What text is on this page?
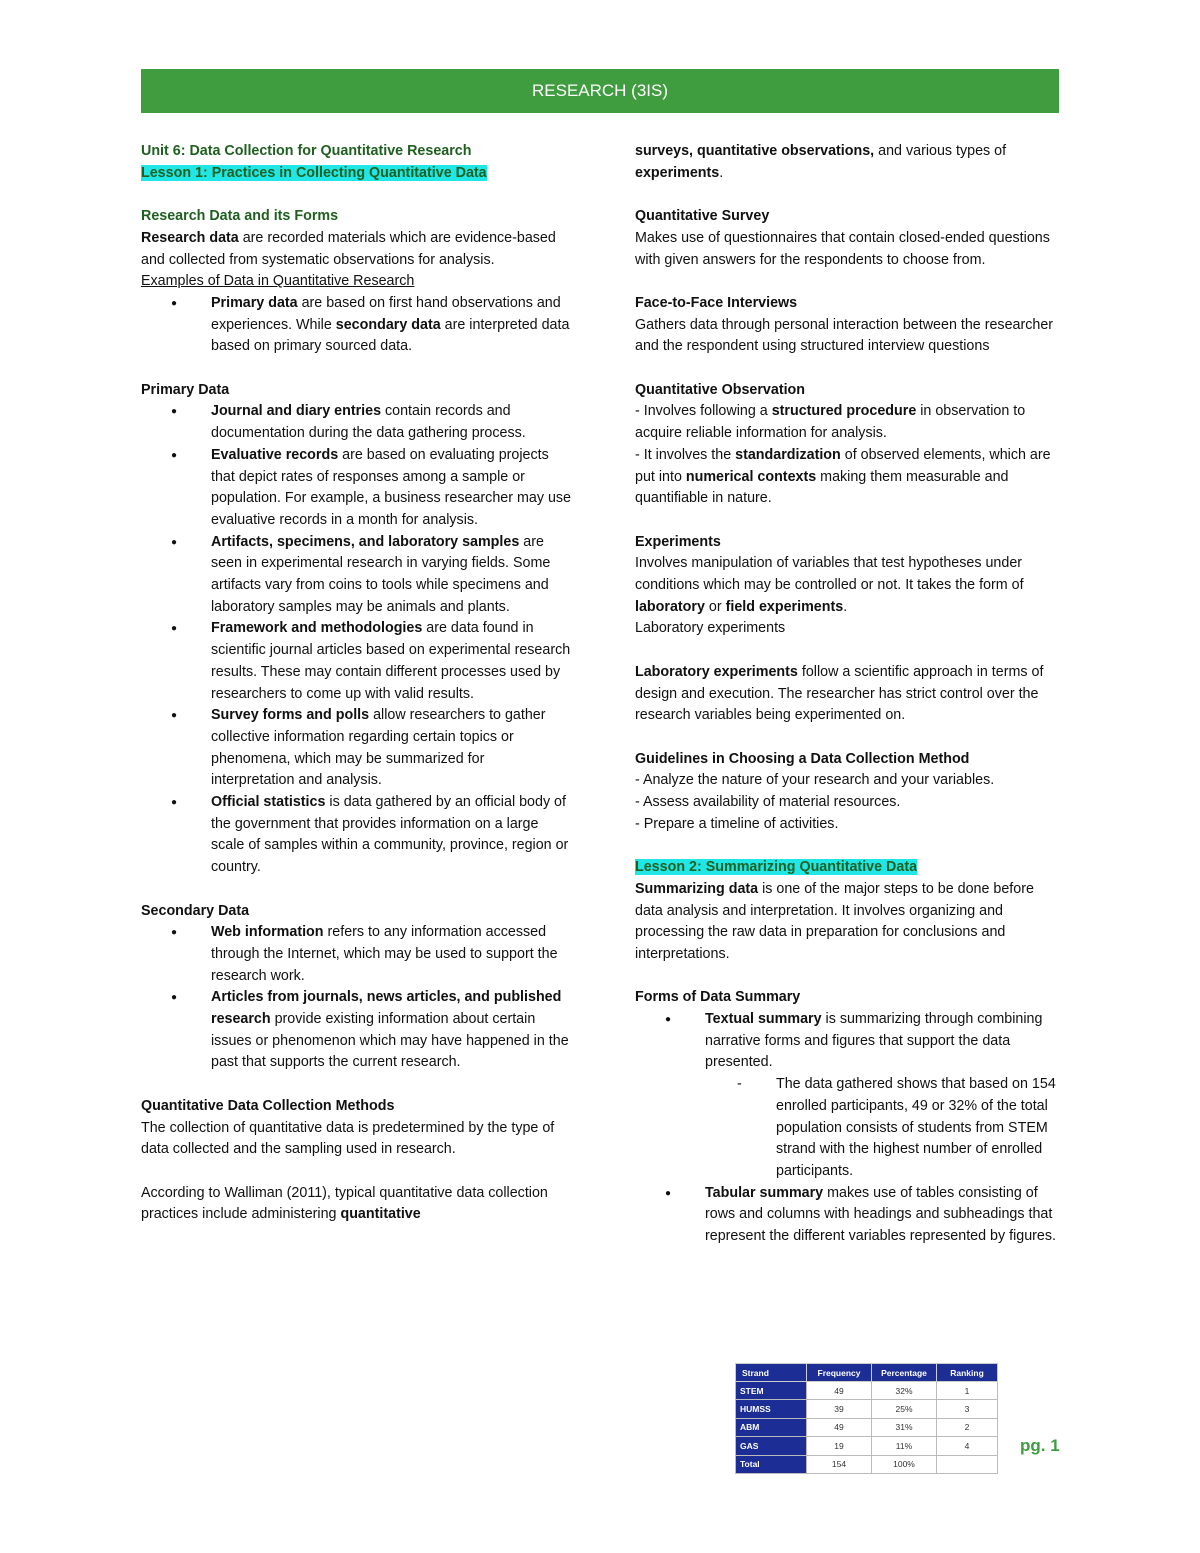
RESEARCH (3IS)

Unit 6: Data Collection for Quantitative Research

Lesson 1: Practices in Collecting Quantitative Data

Research Data and its Forms

Research data are recorded materials which are evidence-based and collected from systematic observations for analysis.

Examples of Data in Quantitative Research

● Primary data are based on first hand observations and experiences. While secondary data are interpreted data based on primary sourced data.

Primary Data

● Journal and diary entries contain records and documentation during the data gathering process.
● Evaluative records are based on evaluating projects that depict rates of responses among a sample or population. For example, a business researcher may use evaluative records in a month for analysis.
● Artifacts, specimens, and laboratory samples are seen in experimental research in varying fields. Some artifacts vary from coins to tools while specimens and laboratory samples may be animals and plants.
● Framework and methodologies are data found in scientific journal articles based on experimental research results. These may contain different processes used by researchers to come up with valid results.
● Survey forms and polls allow researchers to gather collective information regarding certain topics or phenomena, which may be summarized for interpretation and analysis.
● Official statistics is data gathered by an official body of the government that provides information on a large scale of samples within a community, province, region or country.

Secondary Data

● Web information refers to any information accessed through the Internet, which may be used to support the research work.
● Articles from journals, news articles, and published research provide existing information about certain issues or phenomenon which may have happened in the past that supports the current research.

Quantitative Data Collection Methods

The collection of quantitative data is predetermined by the type of data collected and the sampling used in research.

According to Walliman (2011), typical quantitative data collection practices include administering quantitative

surveys, quantitative observations, and various types of experiments.

Quantitative Survey

Makes use of questionnaires that contain closed-ended questions with given answers for the respondents to choose from.

Face-to-Face Interviews

Gathers data through personal interaction between the researcher and the respondent using structured interview questions

Quantitative Observation

- Involves following a structured procedure in observation to acquire reliable information for analysis.

- It involves the standardization of observed elements, which are put into numerical contexts making them measurable and quantifiable in nature.

Experiments

Involves manipulation of variables that test hypotheses under conditions which may be controlled or not. It takes the form of laboratory or field experiments.

Laboratory experiments

Laboratory experiments follow a scientific approach in terms of design and execution. The researcher has strict control over the research variables being experimented on.

Guidelines in Choosing a Data Collection Method

- Analyze the nature of your research and your variables.

- Assess availability of material resources.

- Prepare a timeline of activities.

Lesson 2: Summarizing Quantitative Data

Summarizing data is one of the major steps to be done before data analysis and interpretation. It involves organizing and processing the raw data in preparation for conclusions and interpretations.

Forms of Data Summary

● Textual summary is summarizing through combining narrative forms and figures that support the data presented.
- The data gathered shows that based on 154 enrolled participants, 49 or 32% of the total population consists of students from STEM strand with the highest number of enrolled participants.
● Tabular summary makes use of tables consisting of rows and columns with headings and subheadings that represent the different variables represented by figures.
Strand	Frequency	Percentage	Ranking
STEM	49	32%	1
HUMSS	39	25%	3
ABM	49	31%	2
GAS	19	11%	4
Total	154	100%	
pg. 1
